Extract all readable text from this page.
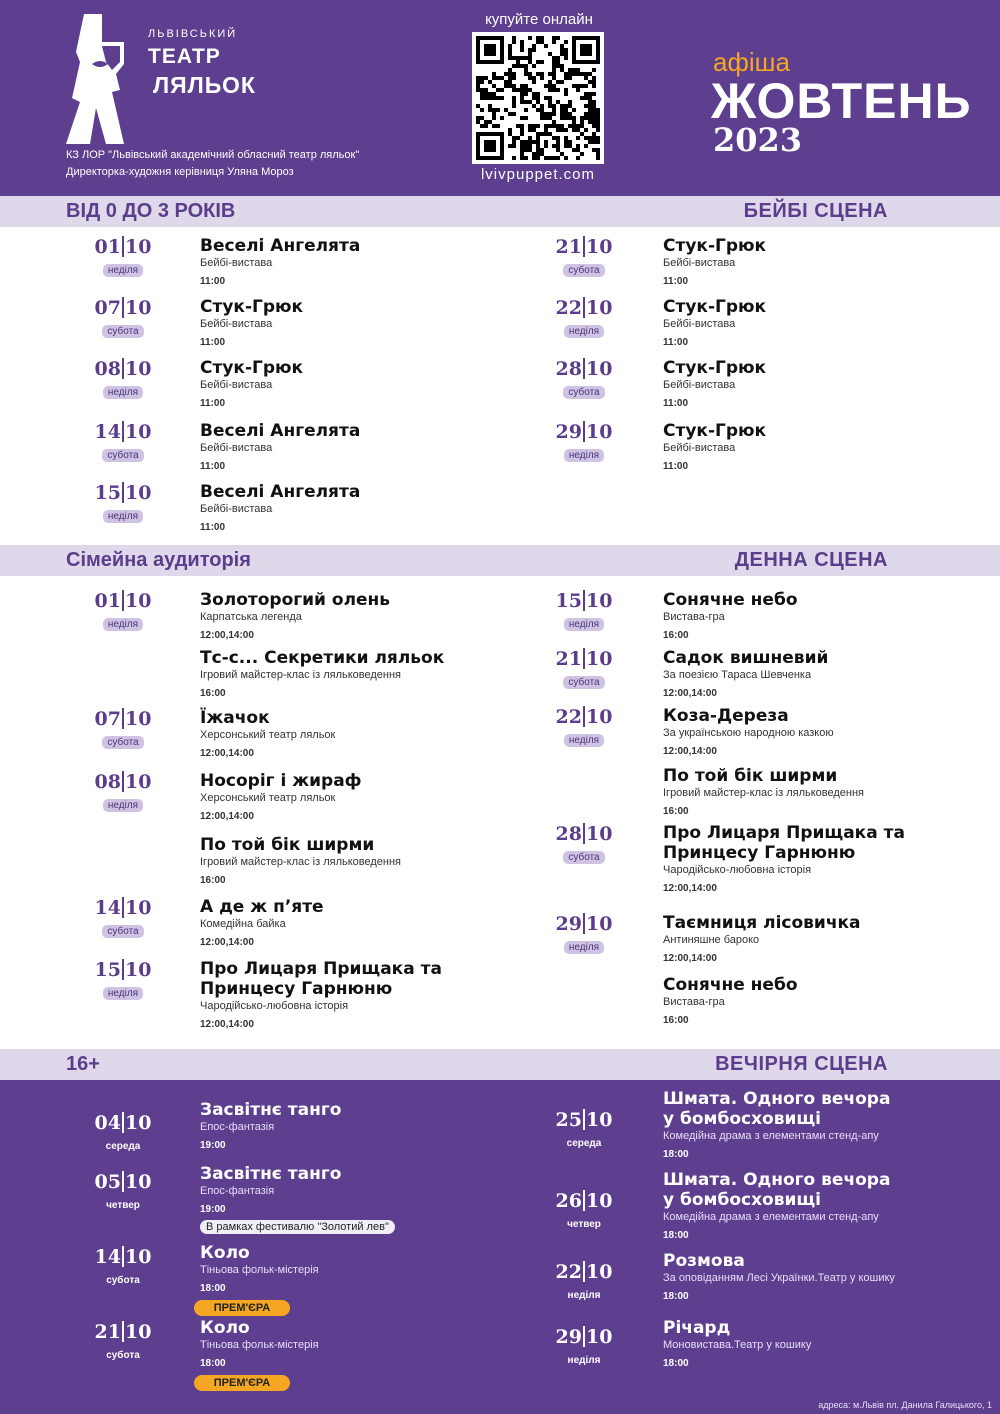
ЛЬВІВСЬКИЙ
ТЕАТР
ЛЯЛЬОК
КЗ ЛОР "Львівський академічний обласний театр ляльок"
Директорка-художня керівниця Уляна Мороз
купуйте онлайн
lvivpuppet.com
афіша
ЖОВТЕНЬ
2023
ВІД 0 ДО 3 РОКІВ	БЕЙБІ СЦЕНА
Сімейна аудиторія	ДЕННА СЦЕНА
16+	ВЕЧІРНЯ СЦЕНА
01 10
неділя
Веселі Ангелята
Бейбі-вистава
11:00
07 10
субота
Стук-Грюк
Бейбі-вистава
11:00
08 10
неділя
Стук-Грюк
Бейбі-вистава
11:00
14 10
субота
Веселі Ангелята
Бейбі-вистава
11:00
15 10
неділя
Веселі Ангелята
Бейбі-вистава
11:00
21 10
субота
Стук-Грюк
Бейбі-вистава
11:00
22 10
неділя
Стук-Грюк
Бейбі-вистава
11:00
28 10
субота
Стук-Грюк
Бейбі-вистава
11:00
29 10
неділя
Стук-Грюк
Бейбі-вистава
11:00
01 10
неділя
Золоторогий олень
Карпатська легенда
12:00,14:00
Тс-с... Секретики ляльок
Ігровий майстер-клас із ляльковедення
16:00
07 10
субота
Їжачок
Херсонський театр ляльок
12:00,14:00
08 10
неділя
Носоріг і жираф
Херсонський театр ляльок
12:00,14:00
По той бік ширми
Ігровий майстер-клас із ляльковедення
16:00
14 10
субота
А де ж п’яте
Комедійна байка
12:00,14:00
15 10
неділя
Про Лицаря Прищака та
Принцесу Гарнюню
Чародійсько-любовна історія
12:00,14:00
15 10
неділя
Сонячне небо
Вистава-гра
16:00
21 10
субота
Садок вишневий
За поезією Тараса Шевченка
12:00,14:00
22 10
неділя
Коза-Дереза
За українською народною казкою
12:00,14:00
По той бік ширми
Ігровий майстер-клас із ляльковедення
16:00
28 10
субота
Про Лицаря Прищака та
Принцесу Гарнюню
Чародійсько-любовна історія
12:00,14:00
29 10
неділя
Таємниця лісовичка
Антиняшне бароко
12:00,14:00
Сонячне небо
Вистава-гра
16:00
04 10
середа
Засвітнє танго
Епос-фантазія
19:00
05 10
четвер
Засвітнє танго
Епос-фантазія
19:00
В рамках фестивалю "Золотий лев"
14 10
субота
Коло
Тіньова фольк-містерія
18:00
ПРЕМ'ЄРА
21 10
субота
Коло
Тіньова фольк-містерія
18:00
ПРЕМ'ЄРА
25 10
середа
Шмата. Одного вечора
у бомбосховищі
Комедійна драма з елементами стенд-апу
18:00
26 10
четвер
Шмата. Одного вечора
у бомбосховищі
Комедійна драма з елементами стенд-апу
18:00
22 10
неділя
Розмова
За оповіданням Лесі Українки.Театр у кошику
18:00
29 10
неділя
Річард
Моновистава.Театр у кошику
18:00
адреса: м.Львів пл. Данила Галицького, 1
